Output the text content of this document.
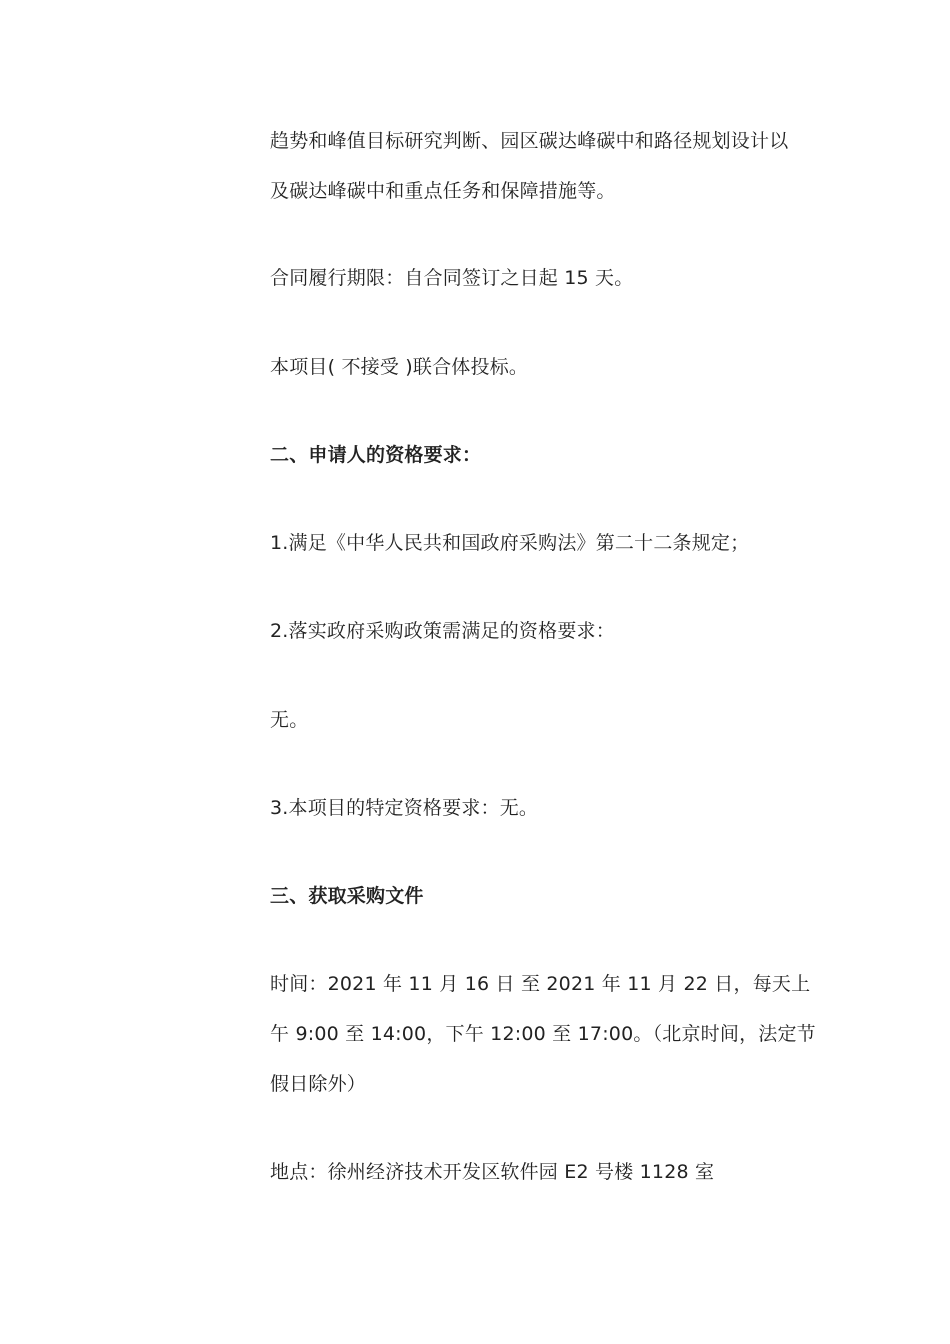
趋势和峰值目标研究判断、园区碳达峰碳中和路径规划设计以
及碳达峰碳中和重点任务和保障措施等。
合同履行期限：自合同签订之日起 15 天。
本项目( 不接受 )联合体投标。
二、申请人的资格要求：
1.满足《中华人民共和国政府采购法》第二十二条规定；
2.落实政府采购政策需满足的资格要求：
无。
3.本项目的特定资格要求：无。
三、获取采购文件
时间：2021 年 11 月 16 日 至 2021 年 11 月 22 日，每天上
午 9:00 至 14:00，下午 12:00 至 17:00。（北京时间，法定节
假日除外）
地点：徐州经济技术开发区软件园 E2 号楼 1128 室
